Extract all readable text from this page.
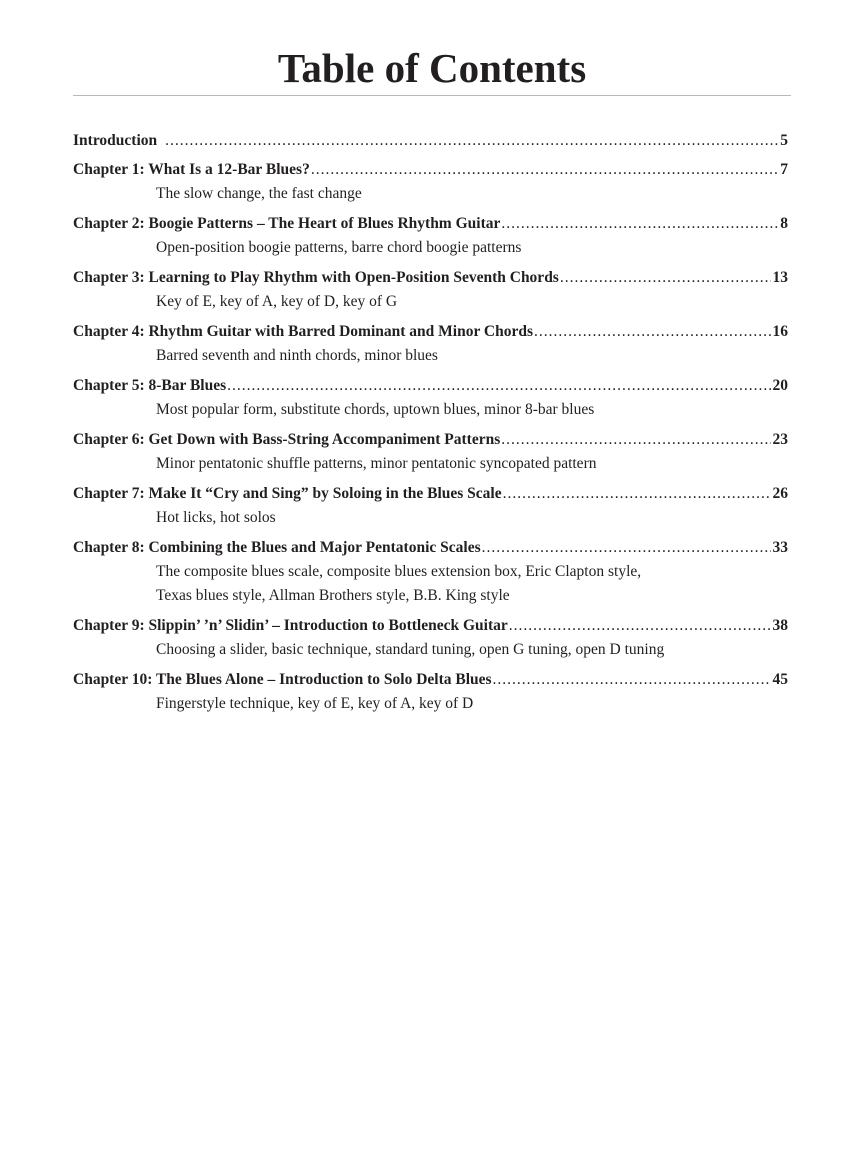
Table of Contents
Introduction .....	5
Chapter 1: What Is a 12-Bar Blues? .....	7
The slow change, the fast change
Chapter 2: Boogie Patterns – The Heart of Blues Rhythm Guitar .....	8
Open-position boogie patterns, barre chord boogie patterns
Chapter 3: Learning to Play Rhythm with Open-Position Seventh Chords .....	13
Key of E, key of A, key of D, key of G
Chapter 4: Rhythm Guitar with Barred Dominant and Minor Chords .....	16
Barred seventh and ninth chords, minor blues
Chapter 5: 8-Bar Blues .....	20
Most popular form, substitute chords, uptown blues, minor 8-bar blues
Chapter 6: Get Down with Bass-String Accompaniment Patterns .....	23
Minor pentatonic shuffle patterns, minor pentatonic syncopated pattern
Chapter 7: Make It “Cry and Sing” by Soloing in the Blues Scale .....	26
Hot licks, hot solos
Chapter 8: Combining the Blues and Major Pentatonic Scales .....	33
The composite blues scale, composite blues extension box, Eric Clapton style,
Texas blues style, Allman Brothers style, B.B. King style
Chapter 9: Slippin’ ’n’ Slidin’ – Introduction to Bottleneck Guitar .....	38
Choosing a slider, basic technique, standard tuning, open G tuning, open D tuning
Chapter 10: The Blues Alone – Introduction to Solo Delta Blues .....	45
Fingerstyle technique, key of E, key of A, key of D
